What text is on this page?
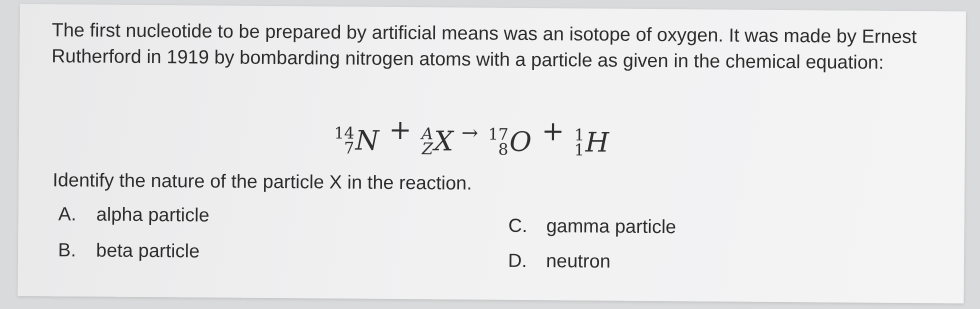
The first nucleotide to be prepared by artificial means was an isotope of oxygen. It was made by Ernest Rutherford in 1919 by bombarding nitrogen atoms with a particle as given in the chemical equation:

14
7 N + A
Z X → 17
8 O + 1
1 H

Identify the nature of the particle X in the reaction.

A. alpha particle
B. beta particle
C. gamma particle
D. neutron
